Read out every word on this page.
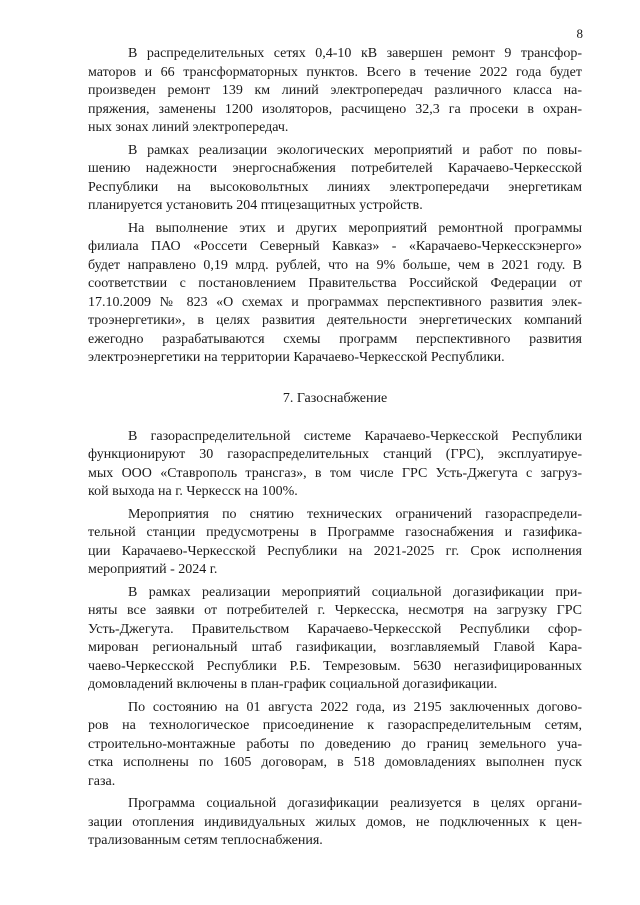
8

В распределительных сетях 0,4-10 кВ завершен ремонт 9 трансфор-
маторов и 66 трансформаторных пунктов. Всего в течение 2022 года будет
произведен ремонт 139 км линий электропередач различного класса на-
пряжения, заменены 1200 изоляторов, расчищено 32,3 га просеки в охран-
ных зонах линий электропередач.

В рамках реализации экологических мероприятий и работ по повы-
шению надежности энергоснабжения потребителей Карачаево-Черкесской
Республики на высоковольтных линиях электропередачи энергетикам
планируется установить 204 птицезащитных устройств.

На выполнение этих и других мероприятий ремонтной программы
филиала ПАО «Россети Северный Кавказ» - «Карачаево-Черкесскэнерго»
будет направлено 0,19 млрд. рублей, что на 9% больше, чем в 2021 году. В
соответствии с постановлением Правительства Российской Федерации от
17.10.2009 № 823 «О схемах и программах перспективного развития элек-
троэнергетики», в целях развития деятельности энергетических компаний
ежегодно разрабатываются схемы программ перспективного развития
электроэнергетики на территории Карачаево-Черкесской Республики.

7. Газоснабжение

В газораспределительной системе Карачаево-Черкесской Республики
функционируют 30 газораспределительных станций (ГРС), эксплуатируе-
мых ООО «Ставрополь трансгаз», в том числе ГРС Усть-Джегута с загруз-
кой выхода на г. Черкесск на 100%.

Мероприятия по снятию технических ограничений газораспредели-
тельной станции предусмотрены в Программе газоснабжения и газифика-
ции Карачаево-Черкесской Республики на 2021-2025 гг. Срок исполнения
мероприятий - 2024 г.

В рамках реализации мероприятий социальной догазификации при-
няты все заявки от потребителей г. Черкесска, несмотря на загрузку ГРС
Усть-Джегута. Правительством Карачаево-Черкесской Республики сфор-
мирован региональный штаб газификации, возглавляемый Главой Кара-
чаево-Черкесской Республики Р.Б. Темрезовым. 5630 негазифицированных
домовладений включены в план-график социальной догазификации.

По состоянию на 01 августа 2022 года, из 2195 заключенных догово-
ров на технологическое присоединение к газораспределительным сетям,
строительно-монтажные работы по доведению до границ земельного уча-
стка исполнены по 1605 договорам, в 518 домовладениях выполнен пуск
газа.

Программа социальной догазификации реализуется в целях органи-
зации отопления индивидуальных жилых домов, не подключенных к цен-
трализованным сетям теплоснабжения.
